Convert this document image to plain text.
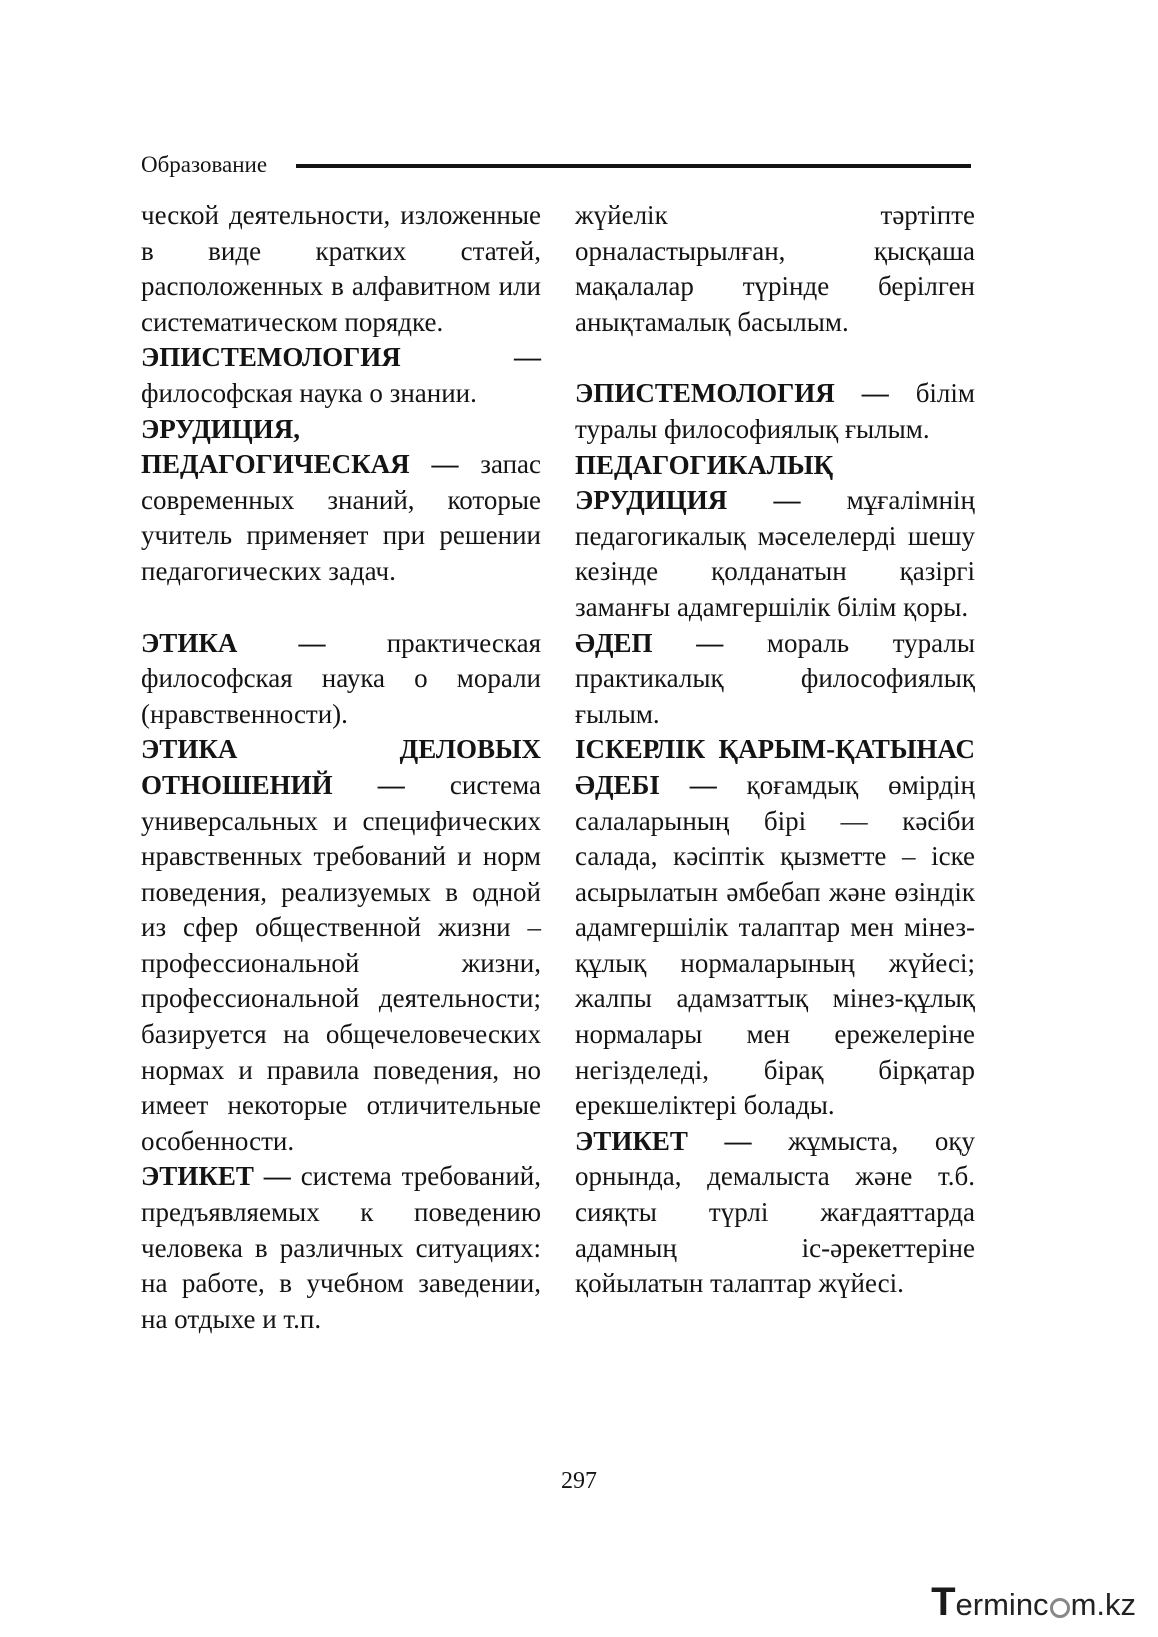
Образование

ческой деятельности, изложенные в виде кратких статей, расположенных в алфавитном или систематическом порядке.

ЭПИСТЕМОЛОГИЯ — философская наука о знании.

ЭРУДИЦИЯ, ПЕДАГОГИЧЕСКАЯ — запас современных знаний, которые учитель применяет при решении педагогических задач.

ЭТИКА — практическая философская наука о морали (нравственности).

ЭТИКА ДЕЛОВЫХ ОТНОШЕНИЙ — система универсальных и специфических нравственных требований и норм поведения, реализуемых в одной из сфер общественной жизни – профессиональной жизни, профессиональной деятельности; базируется на общечеловеческих нормах и правила поведения, но имеет некоторые отличительные особенности.

ЭТИКЕТ — система требований, предъявляемых к поведению человека в различных ситуациях: на работе, в учебном заведении, на отдыхе и т.п.

жүйелік тәртіпте орналастырылған, қысқаша мақалалар түрінде берілген анықтамалық басылым.

ЭПИСТЕМОЛОГИЯ — білім туралы философиялық ғылым.

ПЕДАГОГИКАЛЫҚ ЭРУДИЦИЯ — мұғалімнің педагогикалық мәселелерді шешу кезінде қолданатын қазіргі заманғы адамгершілік білім қоры.

ӘДЕП — мораль туралы практикалық философиялық ғылым.

ІСКЕРЛІК ҚАРЫМ-ҚАТЫНАС ӘДЕБІ — қоғамдық өмірдің салаларының бірі — кәсіби салада, кәсіптік қызметте – іске асырылатын әмбебап және өзіндік адамгершілік талаптар мен мінез-құлық нормаларының жүйесі; жалпы адамзаттық мінез-құлық нормалары мен ережелеріне негізделеді, бірақ бірқатар ерекшеліктері болады.

ЭТИКЕТ — жұмыста, оқу орнында, демалыста және т.б. сияқты түрлі жағдаяттарда адамның іс-әрекеттеріне қойылатын талаптар жүйесі.

297
Terminc m.kz
